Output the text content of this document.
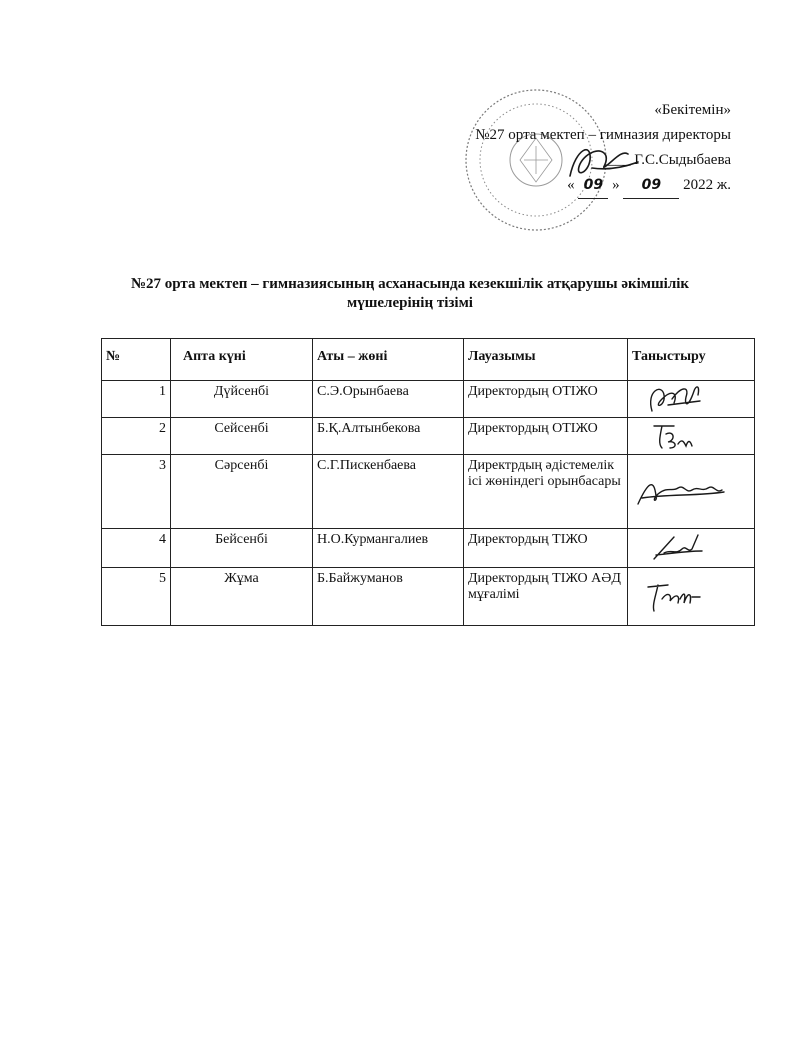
«Бекітемін»
№27 орта мектеп – гимназия директоры
___ Г.С.Сыдыбаева
« 09 » 09 2022 ж.
№27 орта мектеп – гимназиясының асханасында кезекшілік атқарушы әкімшілік мүшелерінің тізімі
№	Апта күні	Аты – жөні	Лауазымы	Таныстыру
1	Дүйсенбі	С.Э.Орынбаева	Директордың ОТІЖО	

2	Сейсенбі	Б.Қ.Алтынбекова	Директордың ОТІЖО	

3	Сәрсенбі	С.Г.Пискенбаева	Директрдың әдістемелік ісі жөніндегі орынбасары	

4	Бейсенбі	Н.О.Курмангалиев	Директордың ТІЖО	

5	Жұма	Б.Байжуманов	Директордың ТІЖО АӘД мұғалімі	
